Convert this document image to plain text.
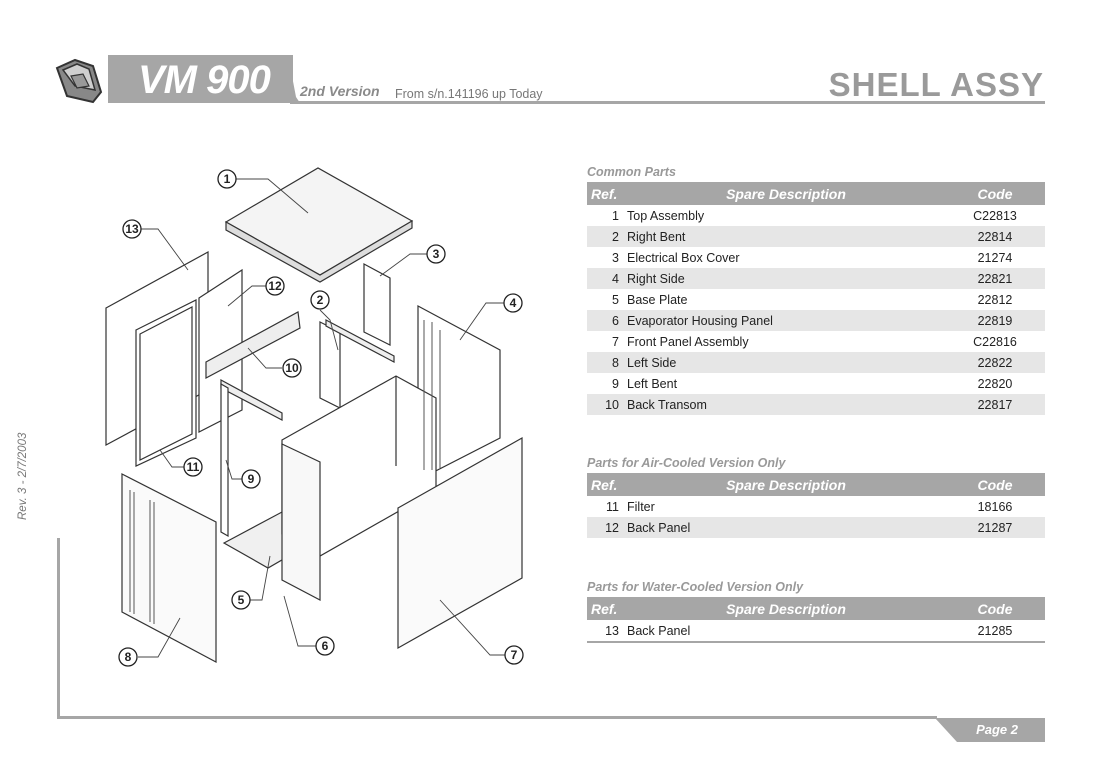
VM 900 2nd Version From s/n.141196 up Today	SHELL ASSY
Rev. 3 - 2/7/2003
Page 2
1
13
3
12
2	4
10
11
9
5
6
7
8
Common Parts
Ref.	Spare Description	Code
1	Top Assembly	C22813
2	Right Bent	22814
3	Electrical Box Cover	21274
4	Right Side	22821
5	Base Plate	22812
6	Evaporator Housing Panel	22819
7	Front Panel Assembly	C22816
8	Left Side	22822
9	Left Bent	22820
10	Back Transom	22817
Parts for Air-Cooled Version Only
Ref.	Spare Description	Code
11	Filter	18166
12	Back Panel	21287
Parts for Water-Cooled Version Only
Ref.	Spare Description	Code
13	Back Panel	21285
